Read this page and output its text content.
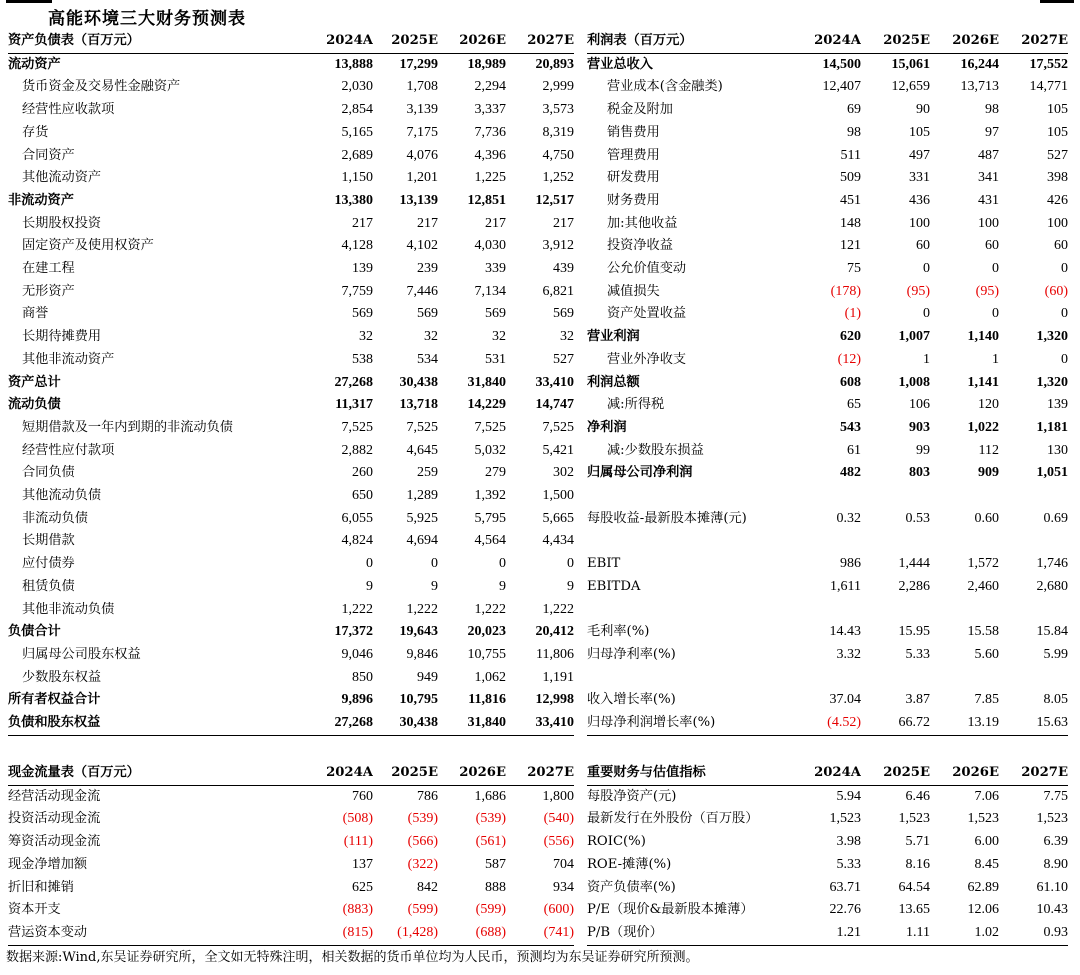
高能环境三大财务预测表
资产负债表（百万元）	2024A	2025E	2026E	2027E
流动资产	13,888	17,299	18,989	20,893
货币资金及交易性金融资产	2,030	1,708	2,294	2,999
经营性应收款项	2,854	3,139	3,337	3,573
存货	5,165	7,175	7,736	8,319
合同资产	2,689	4,076	4,396	4,750
其他流动资产	1,150	1,201	1,225	1,252
非流动资产	13,380	13,139	12,851	12,517
长期股权投资	217	217	217	217
固定资产及使用权资产	4,128	4,102	4,030	3,912
在建工程	139	239	339	439
无形资产	7,759	7,446	7,134	6,821
商誉	569	569	569	569
长期待摊费用	32	32	32	32
其他非流动资产	538	534	531	527
资产总计	27,268	30,438	31,840	33,410
流动负债	11,317	13,718	14,229	14,747
短期借款及一年内到期的非流动负债	7,525	7,525	7,525	7,525
经营性应付款项	2,882	4,645	5,032	5,421
合同负债	260	259	279	302
其他流动负债	650	1,289	1,392	1,500
非流动负债	6,055	5,925	5,795	5,665
长期借款	4,824	4,694	4,564	4,434
应付债券	0	0	0	0
租赁负债	9	9	9	9
其他非流动负债	1,222	1,222	1,222	1,222
负债合计	17,372	19,643	20,023	20,412
归属母公司股东权益	9,046	9,846	10,755	11,806
少数股东权益	850	949	1,062	1,191
所有者权益合计	9,896	10,795	11,816	12,998
负债和股东权益	27,268	30,438	31,840	33,410
利润表（百万元）	2024A	2025E	2026E	2027E
营业总收入	14,500	15,061	16,244	17,552
营业成本(含金融类)	12,407	12,659	13,713	14,771
税金及附加	69	90	98	105
销售费用	98	105	97	105
管理费用	511	497	487	527
研发费用	509	331	341	398
财务费用	451	436	431	426
加:其他收益	148	100	100	100
投资净收益	121	60	60	60
公允价值变动	75	0	0	0
减值损失	(178)	(95)	(95)	(60)
资产处置收益	(1)	0	0	0
营业利润	620	1,007	1,140	1,320
营业外净收支	(12)	1	1	0
利润总额	608	1,008	1,141	1,320
减:所得税	65	106	120	139
净利润	543	903	1,022	1,181
减:少数股东损益	61	99	112	130
归属母公司净利润	482	803	909	1,051

每股收益-最新股本摊薄(元)	0.32	0.53	0.60	0.69

EBIT	986	1,444	1,572	1,746
EBITDA	1,611	2,286	2,460	2,680

毛利率(%)	14.43	15.95	15.58	15.84
归母净利率(%)	3.32	5.33	5.60	5.99

收入增长率(%)	37.04	3.87	7.85	8.05
归母净利润增长率(%)	(4.52)	66.72	13.19	15.63
现金流量表（百万元）	2024A	2025E	2026E	2027E
经营活动现金流	760	786	1,686	1,800
投资活动现金流	(508)	(539)	(539)	(540)
筹资活动现金流	(111)	(566)	(561)	(556)
现金净增加额	137	(322)	587	704
折旧和摊销	625	842	888	934
资本开支	(883)	(599)	(599)	(600)
营运资本变动	(815)	(1,428)	(688)	(741)
重要财务与估值指标	2024A	2025E	2026E	2027E
每股净资产(元)	5.94	6.46	7.06	7.75
最新发行在外股份（百万股）	1,523	1,523	1,523	1,523
ROIC(%)	3.98	5.71	6.00	6.39
ROE-摊薄(%)	5.33	8.16	8.45	8.90
资产负债率(%)	63.71	64.54	62.89	61.10
P/E（现价&最新股本摊薄）	22.76	13.65	12.06	10.43
P/B（现价）	1.21	1.11	1.02	0.93
数据来源:Wind,东吴证券研究所，全文如无特殊注明，相关数据的货币单位均为人民币，预测均为东吴证券研究所预测。
